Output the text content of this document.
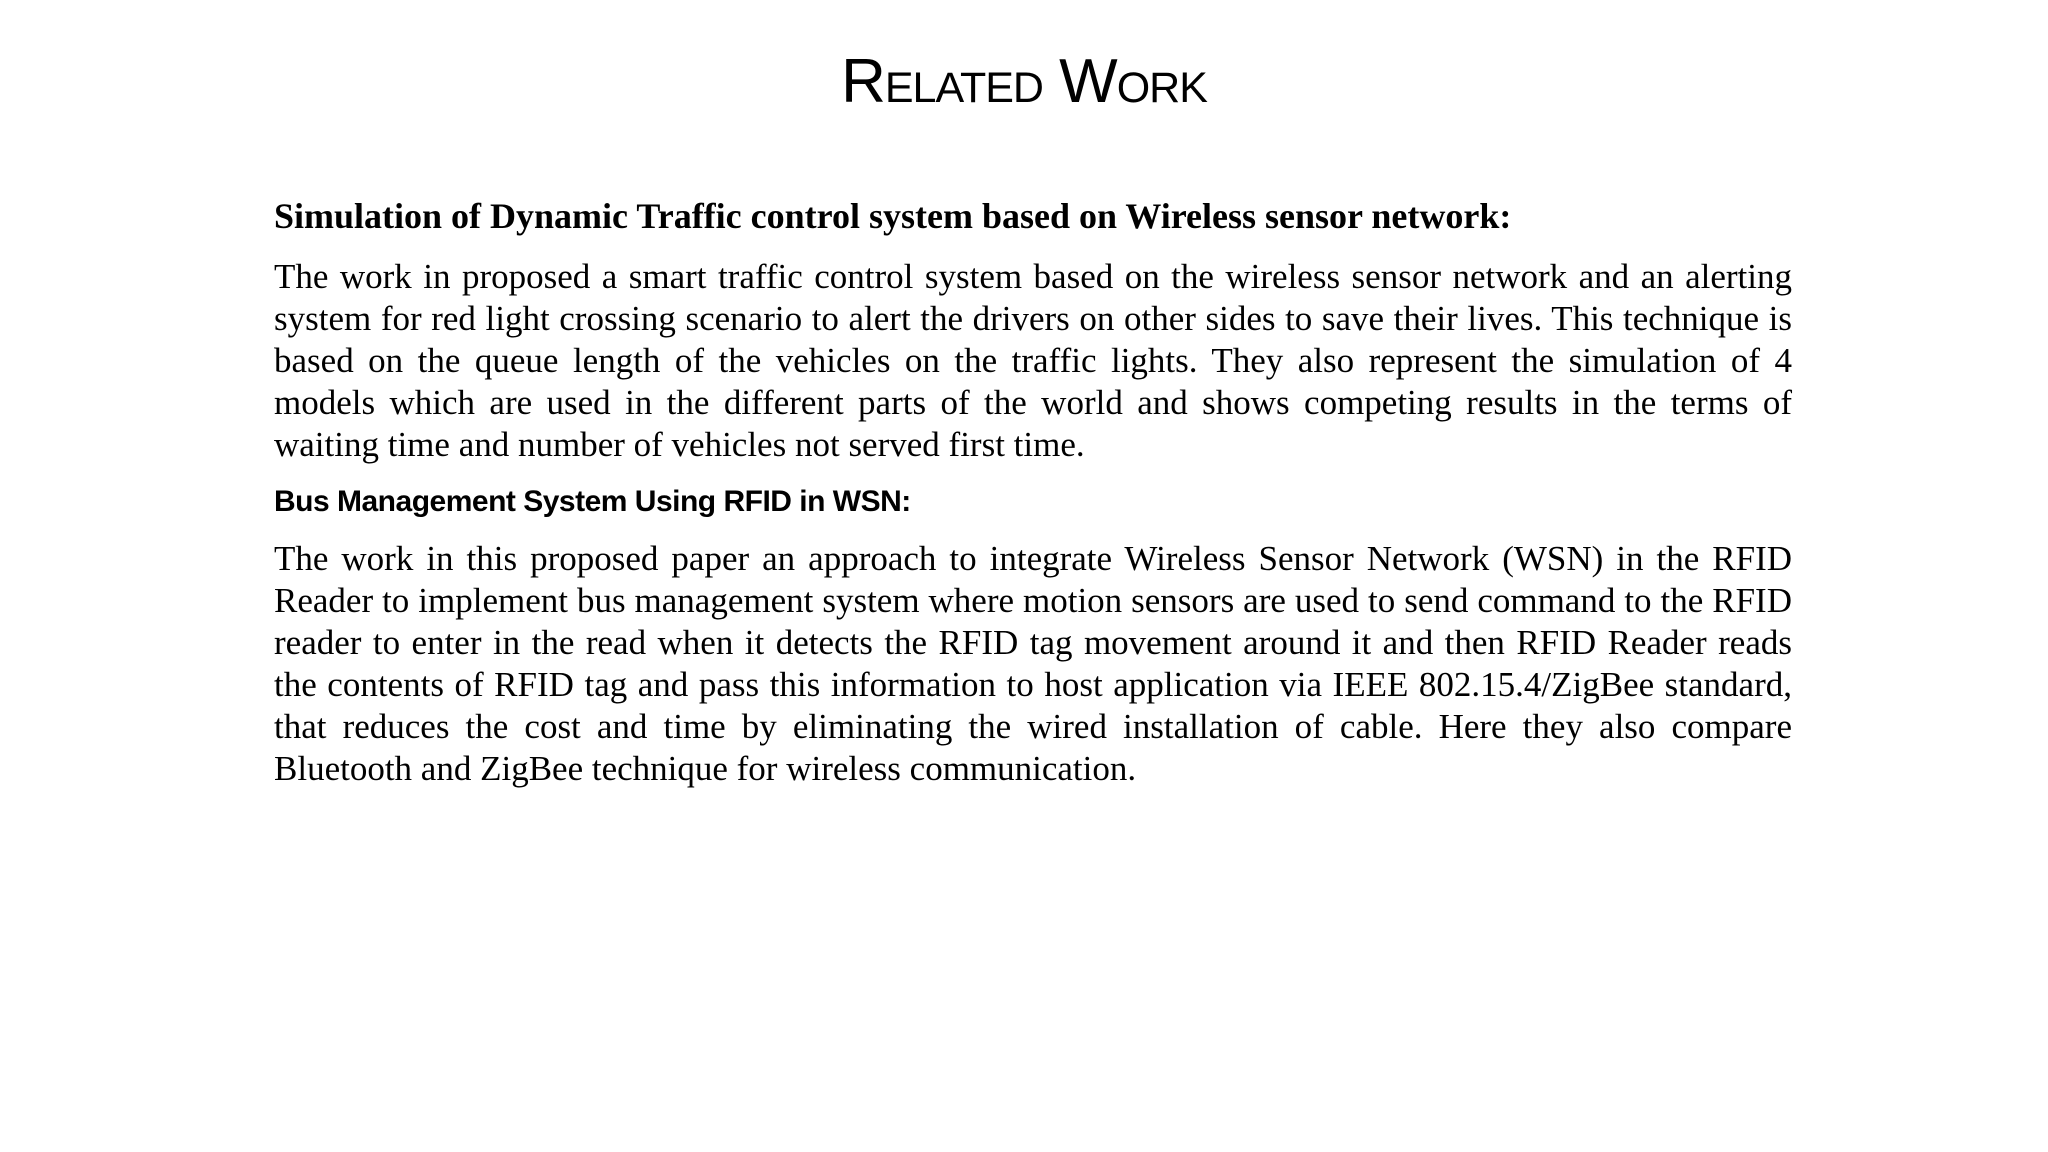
Related Work
Simulation of Dynamic Traffic control system based on Wireless sensor network:

The work in proposed a smart traffic control system based on the wireless sensor network and an alerting system for red light crossing scenario to alert the drivers on other sides to save their lives. This technique is based on the queue length of the vehicles on the traffic lights. They also represent the simulation of 4 models which are used in the different parts of the world and shows competing results in the terms of waiting time and number of vehicles not served first time.

Bus Management System Using RFID in WSN:

The work in this proposed paper an approach to integrate Wireless Sensor Network (WSN) in the RFID Reader to implement bus management system where motion sensors are used to send command to the RFID reader to enter in the read when it detects the RFID tag movement around it and then RFID Reader reads the contents of RFID tag and pass this information to host application via IEEE 802.15.4/ZigBee standard, that reduces the cost and time by eliminating the wired installation of cable. Here they also compare Bluetooth and ZigBee technique for wireless communication.
